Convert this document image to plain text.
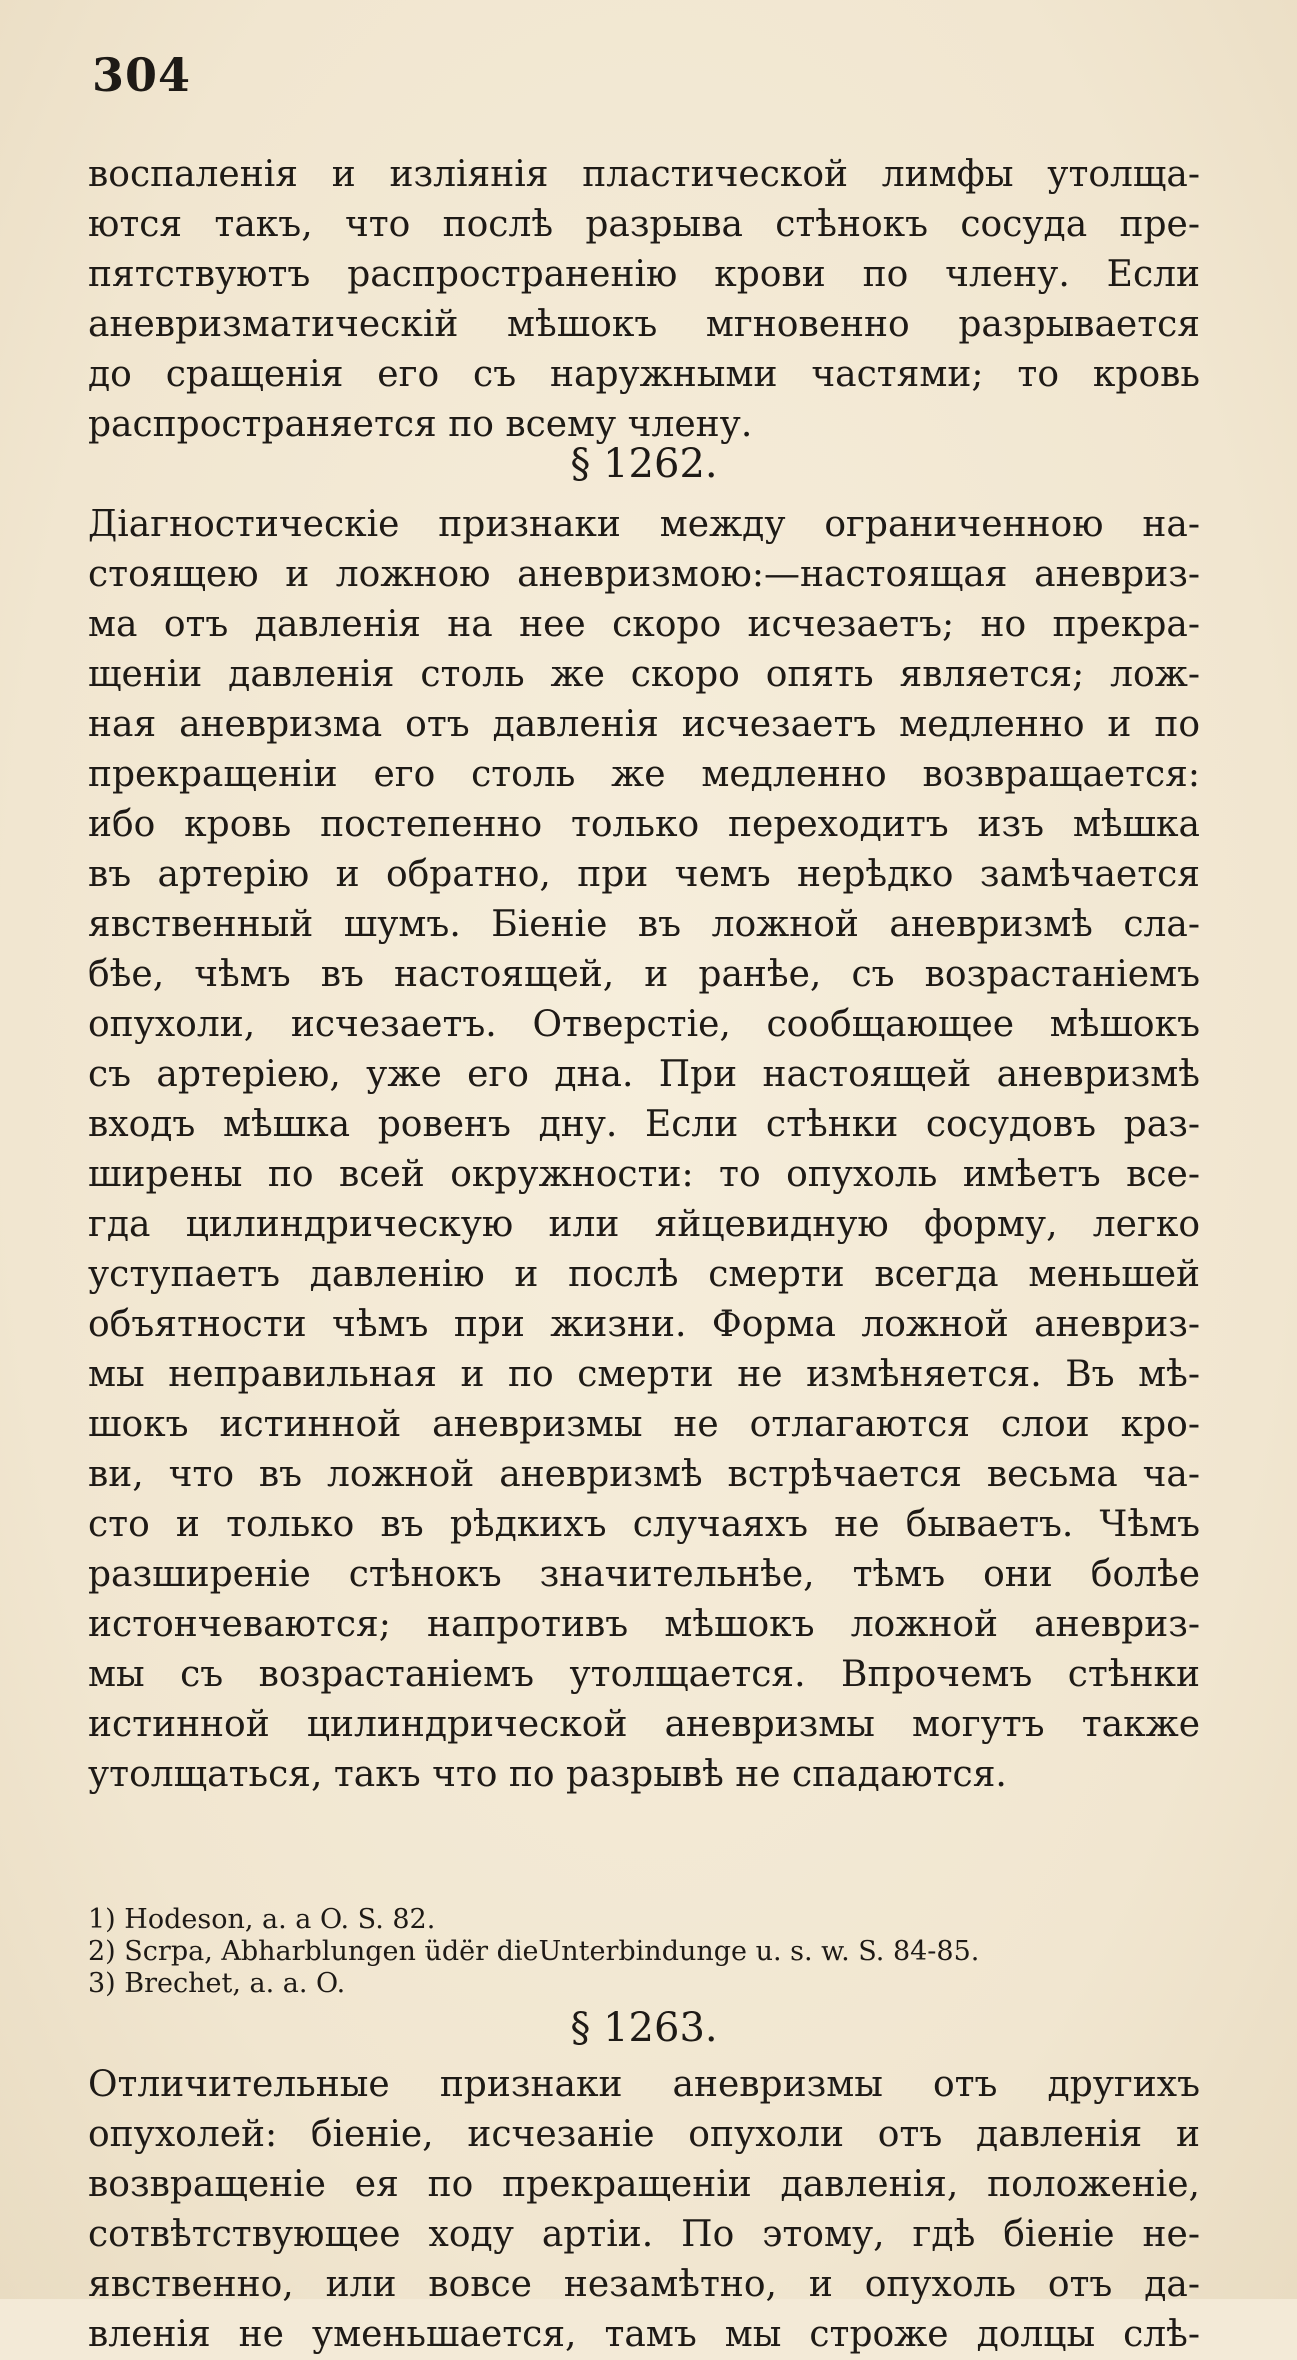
304
воспаленія и изліянія пластической лимфы утолща-
ются такъ, что послѣ разрыва стѣнокъ сосуда пре-
пятствуютъ распространенію крови по члену. Если
аневризматическій мѣшокъ мгновенно разрывается
до сращенія его съ наружными частями; то кровь
распространяется по всему члену.
§ 1262.
Діагностическіе признаки между ограниченною на-
стоящею и ложною аневризмою:—настоящая аневриз-
ма отъ давленія на нее скоро исчезаетъ; но прекра-
щеніи давленія столь же скоро опять является; лож-
ная аневризма отъ давленія исчезаетъ медленно и по
прекращеніи его столь же медленно возвращается:
ибо кровь постепенно только переходитъ изъ мѣшка
въ артерію и обратно, при чемъ нерѣдко замѣчается
явственный шумъ. Біеніе въ ложной аневризмѣ сла-
бѣе, чѣмъ въ настоящей, и ранѣе, съ возрастаніемъ
опухоли, исчезаетъ. Отверстіе, сообщающее мѣшокъ
съ артеріею, уже его дна. При настоящей аневризмѣ
входъ мѣшка ровенъ дну. Если стѣнки сосудовъ раз-
ширены по всей окружности: то опухоль имѣетъ все-
гда цилиндрическую или яйцевидную форму, легко
уступаетъ давленію и послѣ смерти всегда меньшей
объятности чѣмъ при жизни. Форма ложной аневриз-
мы неправильная и по смерти не измѣняется. Въ мѣ-
шокъ истинной аневризмы не отлагаются слои кро-
ви, что въ ложной аневризмѣ встрѣчается весьма ча-
сто и только въ рѣдкихъ случаяхъ не бываетъ. Чѣмъ
разширеніе стѣнокъ значительнѣе, тѣмъ они болѣе
истончеваются; напротивъ мѣшокъ ложной аневриз-
мы съ возрастаніемъ утолщается. Впрочемъ стѣнки
истинной цилиндрической аневризмы могутъ также
утолщаться, такъ что по разрывѣ не спадаются.
1) Hodeson, a. a O. S. 82.
2) Scrpa, Abharblungen üdër dieUnterbindunge u. s. w. S. 84-85.
3) Brechet, a. a. O.
§ 1263.
Отличительные признаки аневризмы отъ другихъ
опухолей: біеніе, исчезаніе опухоли отъ давленія и
возвращеніе ея по прекращеніи давленія, положеніе,
сотвѣтствующее ходу артіи. По этому, гдѣ біеніе не-
явственно, или вовсе незамѣтно, и опухоль отъ да-
вленія не уменьшается, тамъ мы строже долцы слѣ-
